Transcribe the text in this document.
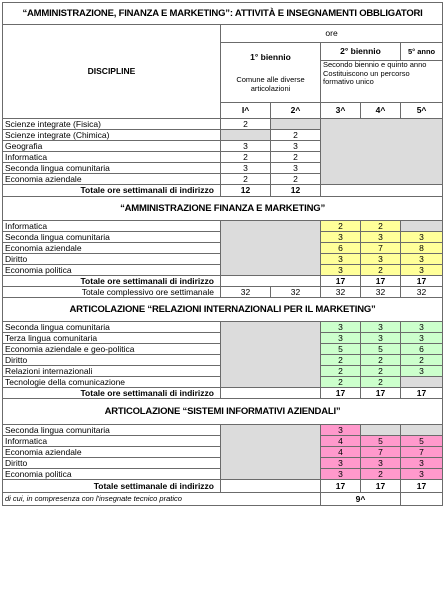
“AMMINISTRAZIONE, FINANZA E MARKETING”: ATTIVITÀ E INSEGNAMENTI OBBLIGATORI					
DISCIPLINE	ore				

	1° biennio
Comune alle diverse articolazioni		2° biennio		5° anno
			Secondo biennio e quinto anno Costituiscono un percorso formativo unico		
	I^	2^	3^	4^	5^
Scienze integrate (Fisica)	2				
Scienze integrate (Chimica)		2			
Geografia	3	3			
Informatica	2	2			
Seconda lingua comunitaria	3	3			
Economia aziendale	2	2			
Totale ore settimanali di indirizzo	12	12			
“AMMINISTRAZIONE FINANZA E MARKETING”					
Informatica			2	2	
Seconda lingua comunitaria			3	3	3
Economia aziendale			6	7	8
Diritto			3	3	3
Economia politica			3	2	3
Totale ore settimanali di indirizzo			17	17	17
Totale complessivo ore settimanale	32	32	32	32	32
ARTICOLAZIONE “RELAZIONI INTERNAZIONALI PER IL MARKETING”					
Seconda lingua comunitaria			3	3	3
Terza lingua comunitaria			3	3	3
Economia aziendale e geo-politica			5	5	6
Diritto			2	2	2
Relazioni internazionali			2	2	3
Tecnologie della comunicazione			2	2	
Totale ore settimanali di indirizzo			17	17	17
ARTICOLAZIONE “SISTEMI INFORMATIVI AZIENDALI”					
Seconda lingua comunitaria			3		
Informatica			4	5	5
Economia aziendale			4	7	7
Diritto			3	3	3
Economia politica			3	2	3
Totale settimanale di indirizzo			17	17	17
di cui, in compresenza con l'insegnate tecnico pratico			9^		
